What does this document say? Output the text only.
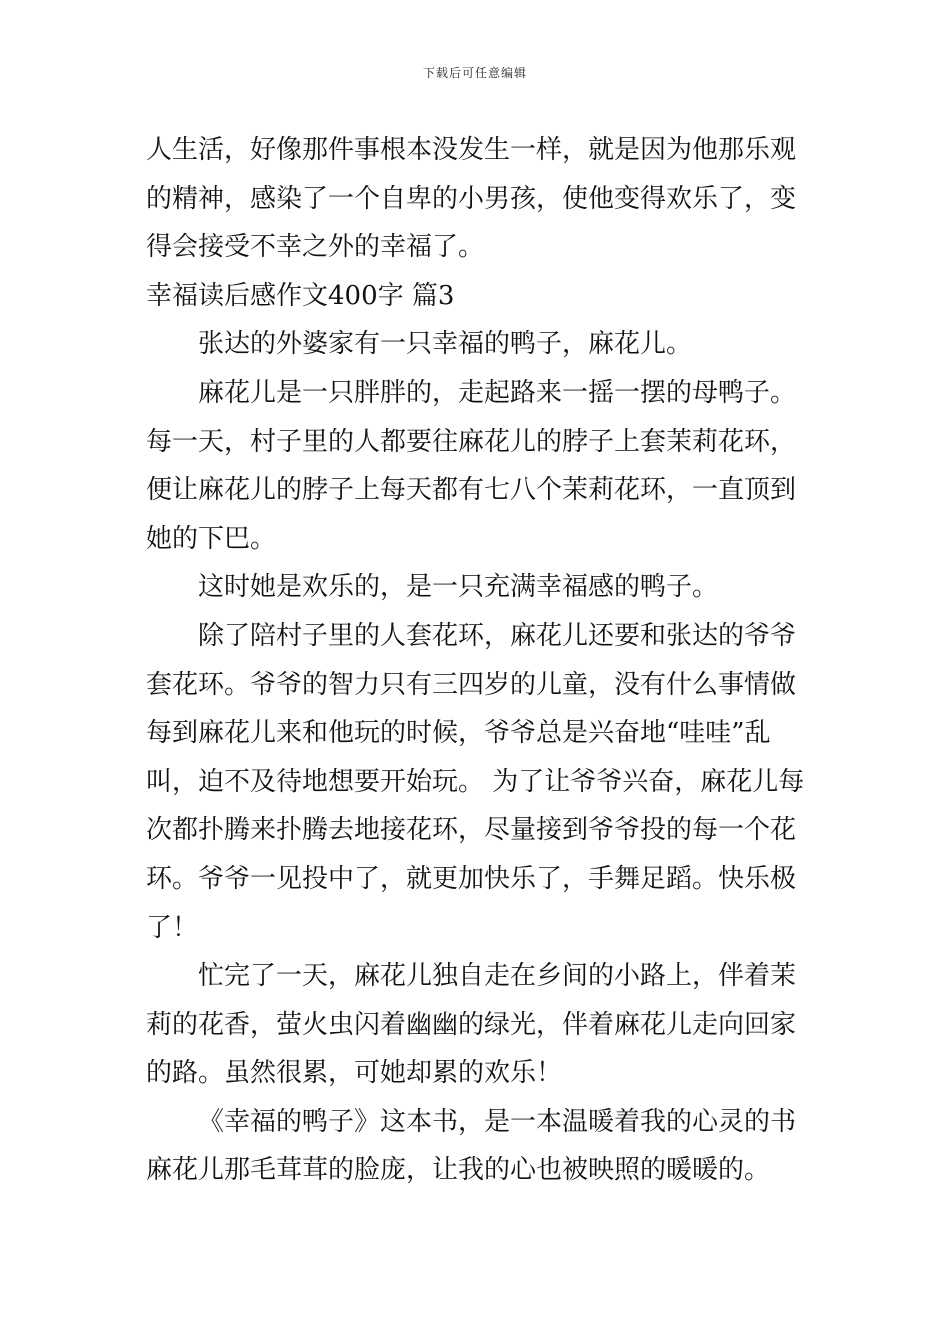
下载后可任意编辑
人生活，好像那件事根本没发生一样，就是因为他那乐观
的精神，感染了一个自卑的小男孩，使他变得欢乐了，变
得会接受不幸之外的幸福了。
幸福读后感作文400字 篇3
张达的外婆家有一只幸福的鸭子，麻花儿。
麻花儿是一只胖胖的，走起路来一摇一摆的母鸭子。
每一天，村子里的人都要往麻花儿的脖子上套茉莉花环，
便让麻花儿的脖子上每天都有七八个茉莉花环，一直顶到
她的下巴。
这时她是欢乐的，是一只充满幸福感的鸭子。
除了陪村子里的人套花环，麻花儿还要和张达的爷爷
套花环。爷爷的智力只有三四岁的儿童，没有什么事情做
每到麻花儿来和他玩的时候，爷爷总是兴奋地“哇哇”乱
叫，迫不及待地想要开始玩。 为了让爷爷兴奋，麻花儿每
次都扑腾来扑腾去地接花环，尽量接到爷爷投的每一个花
环。爷爷一见投中了，就更加快乐了，手舞足蹈。快乐极
了！
忙完了一天，麻花儿独自走在乡间的小路上，伴着茉
莉的花香，萤火虫闪着幽幽的绿光，伴着麻花儿走向回家
的路。虽然很累，可她却累的欢乐！
《幸福的鸭子》这本书，是一本温暖着我的心灵的书
麻花儿那毛茸茸的脸庞，让我的心也被映照的暖暖的。
